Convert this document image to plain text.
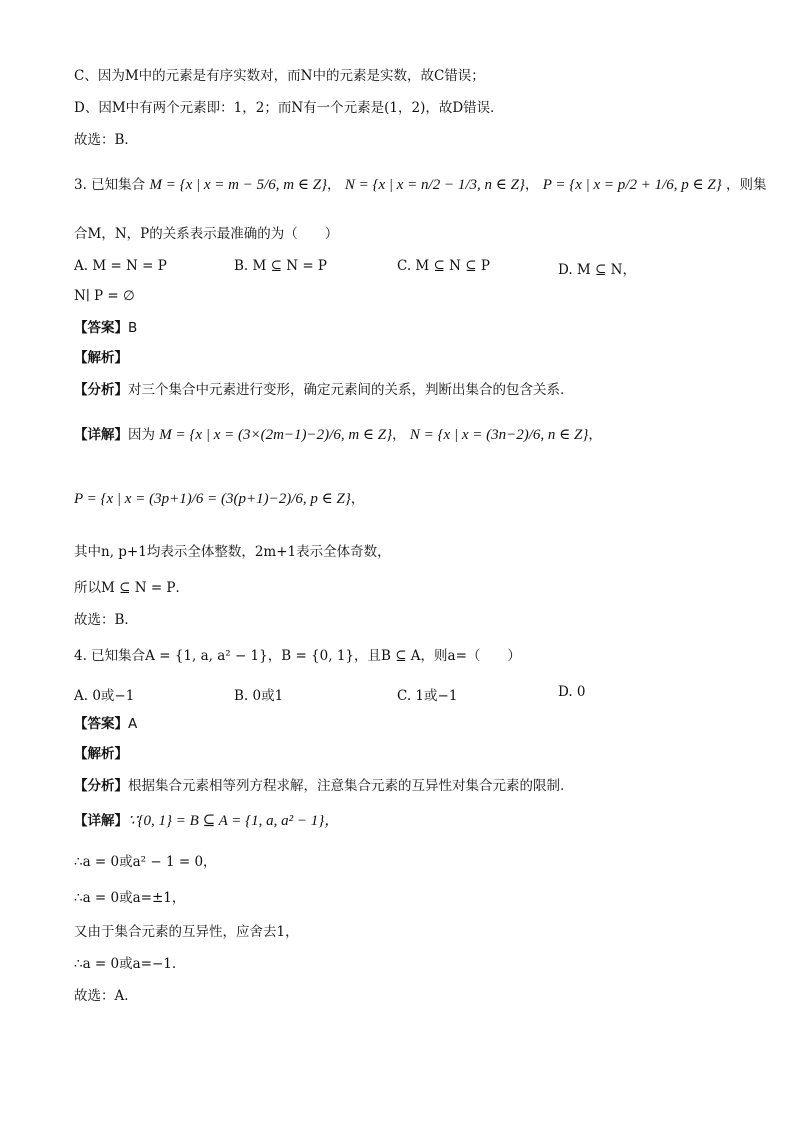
C、因为M中的元素是有序实数对，而N中的元素是实数，故C错误；
D、因M中有两个元素即：1，2；而N有一个元素是(1，2)，故D错误．
故选：B．
3. 已知集合 M = {x | x = m − 5/6, m ∈ Z}， N = {x | x = n/2 − 1/3, n ∈ Z}， P = {x | x = p/2 + 1/6, p ∈ Z} ，则集
合M，N，P的关系表示最准确的为（　　）
A. M = N = P	B. M ⊆ N = P	C. M ⊆ N ⊆ P	D. M ⊆ N，
N∣ P = ∅
【答案】B
【解析】
【分析】对三个集合中元素进行变形，确定元素间的关系，判断出集合的包含关系.
【详解】因为 M = {x | x = (3×(2m−1)−2)/6, m ∈ Z}， N = {x | x = (3n−2)/6, n ∈ Z}，
P = {x | x = (3p+1)/6 = (3(p+1)−2)/6, p ∈ Z}，
其中n, p+1均表示全体整数，2m+1表示全体奇数，
所以M ⊆ N = P．
故选：B．
4. 已知集合A = {1, a, a² − 1}，B = {0, 1}，且B ⊆ A，则a=（　　）
A. 0或−1	B. 0或1	C. 1或−1	D. 0
【答案】A
【解析】
【分析】根据集合元素相等列方程求解，注意集合元素的互异性对集合元素的限制.
【详解】∵{0, 1} = B ⊆ A = {1, a, a² − 1}，
∴a = 0或a² − 1 = 0，
∴a = 0或a=±1，
又由于集合元素的互异性，应舍去1，
∴a = 0或a=−1.
故选：A．
